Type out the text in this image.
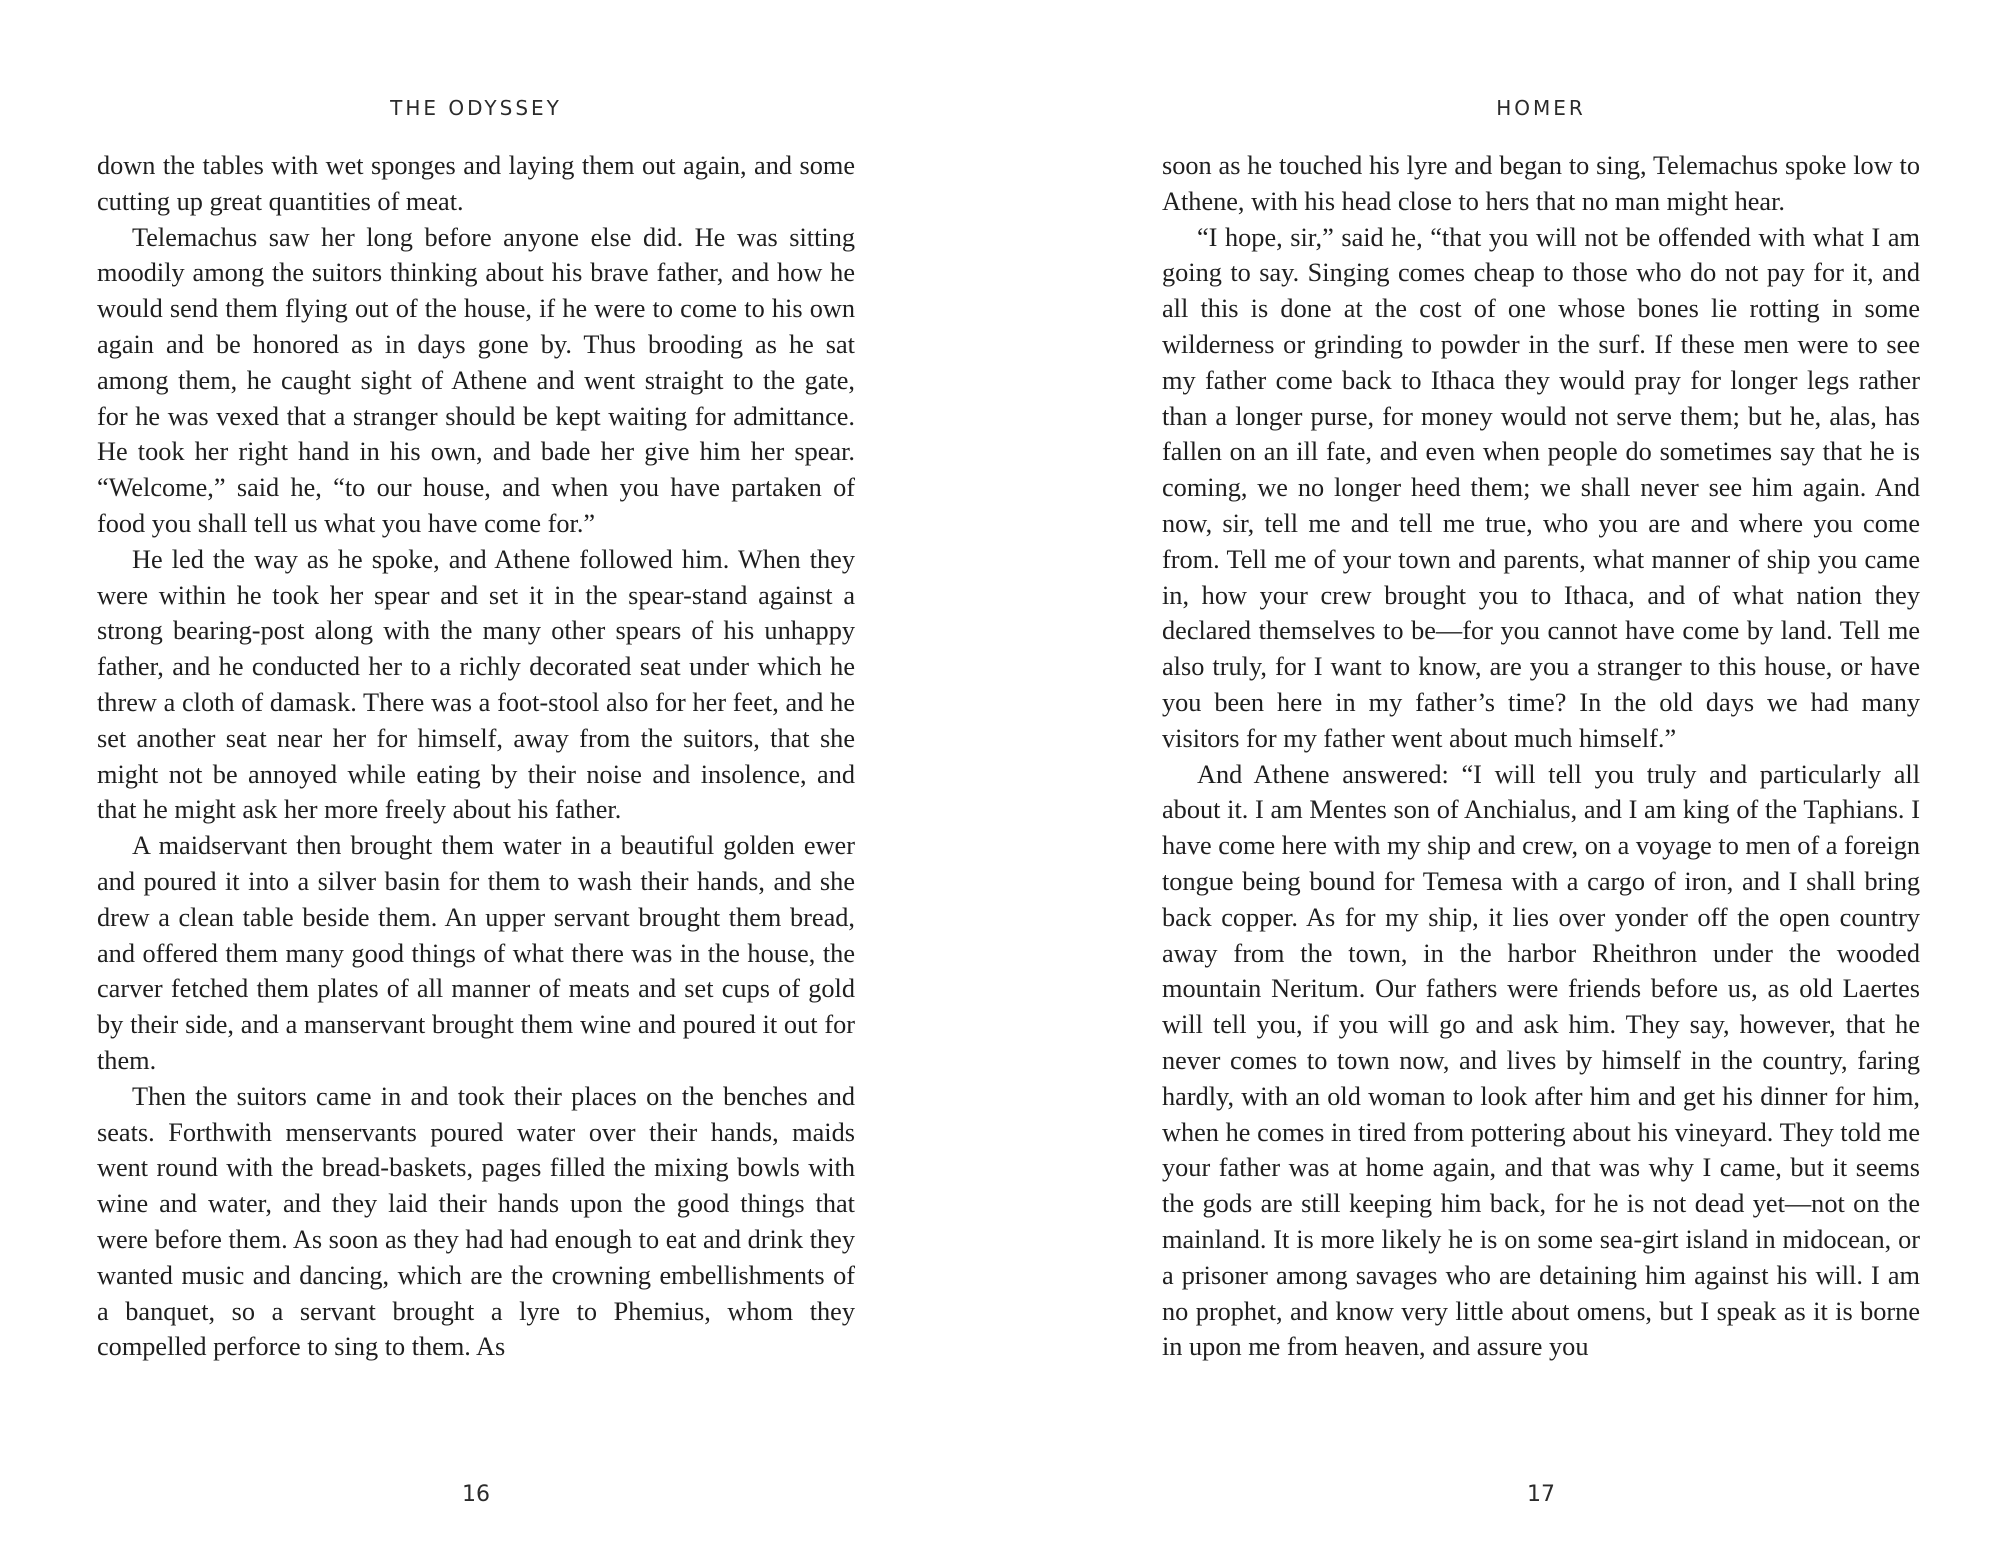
THE ODYSSEY

down the tables with wet sponges and laying them out again, and some cutting up great quantities of meat.

Telemachus saw her long before anyone else did. He was sitting moodily among the suitors thinking about his brave father, and how he would send them flying out of the house, if he were to come to his own again and be honored as in days gone by. Thus brooding as he sat among them, he caught sight of Athene and went straight to the gate, for he was vexed that a stranger should be kept waiting for admittance. He took her right hand in his own, and bade her give him her spear. “Welcome,” said he, “to our house, and when you have partaken of food you shall tell us what you have come for.”

He led the way as he spoke, and Athene followed him. When they were within he took her spear and set it in the spear-stand against a strong bearing-post along with the many other spears of his unhappy father, and he conducted her to a richly decorated seat under which he threw a cloth of damask. There was a foot-stool also for her feet, and he set another seat near her for himself, away from the suitors, that she might not be annoyed while eating by their noise and insolence, and that he might ask her more freely about his father.

A maidservant then brought them water in a beautiful golden ewer and poured it into a silver basin for them to wash their hands, and she drew a clean table beside them. An upper servant brought them bread, and offered them many good things of what there was in the house, the carver fetched them plates of all manner of meats and set cups of gold by their side, and a manservant brought them wine and poured it out for them.

Then the suitors came in and took their places on the benches and seats. Forthwith menservants poured water over their hands, maids went round with the bread-baskets, pages filled the mixing bowls with wine and water, and they laid their hands upon the good things that were before them. As soon as they had had enough to eat and drink they wanted music and dancing, which are the crowning embellishments of a banquet, so a servant brought a lyre to Phemius, whom they compelled perforce to sing to them. As

16
HOMER

soon as he touched his lyre and began to sing, Telemachus spoke low to Athene, with his head close to hers that no man might hear.

“I hope, sir,” said he, “that you will not be offended with what I am going to say. Singing comes cheap to those who do not pay for it, and all this is done at the cost of one whose bones lie rotting in some wilderness or grinding to powder in the surf. If these men were to see my father come back to Ithaca they would pray for longer legs rather than a longer purse, for money would not serve them; but he, alas, has fallen on an ill fate, and even when people do sometimes say that he is coming, we no longer heed them; we shall never see him again. And now, sir, tell me and tell me true, who you are and where you come from. Tell me of your town and parents, what manner of ship you came in, how your crew brought you to Ithaca, and of what nation they declared themselves to be—for you cannot have come by land. Tell me also truly, for I want to know, are you a stranger to this house, or have you been here in my father’s time? In the old days we had many visitors for my father went about much himself.”

And Athene answered: “I will tell you truly and particularly all about it. I am Mentes son of Anchialus, and I am king of the Taphians. I have come here with my ship and crew, on a voyage to men of a foreign tongue being bound for Temesa with a cargo of iron, and I shall bring back copper. As for my ship, it lies over yonder off the open country away from the town, in the harbor Rheithron under the wooded mountain Neritum. Our fathers were friends before us, as old Laertes will tell you, if you will go and ask him. They say, however, that he never comes to town now, and lives by himself in the country, faring hardly, with an old woman to look after him and get his dinner for him, when he comes in tired from pottering about his vineyard. They told me your father was at home again, and that was why I came, but it seems the gods are still keeping him back, for he is not dead yet—not on the mainland. It is more likely he is on some sea-girt island in midocean, or a prisoner among savages who are detaining him against his will. I am no prophet, and know very little about omens, but I speak as it is borne in upon me from heaven, and assure you

17
